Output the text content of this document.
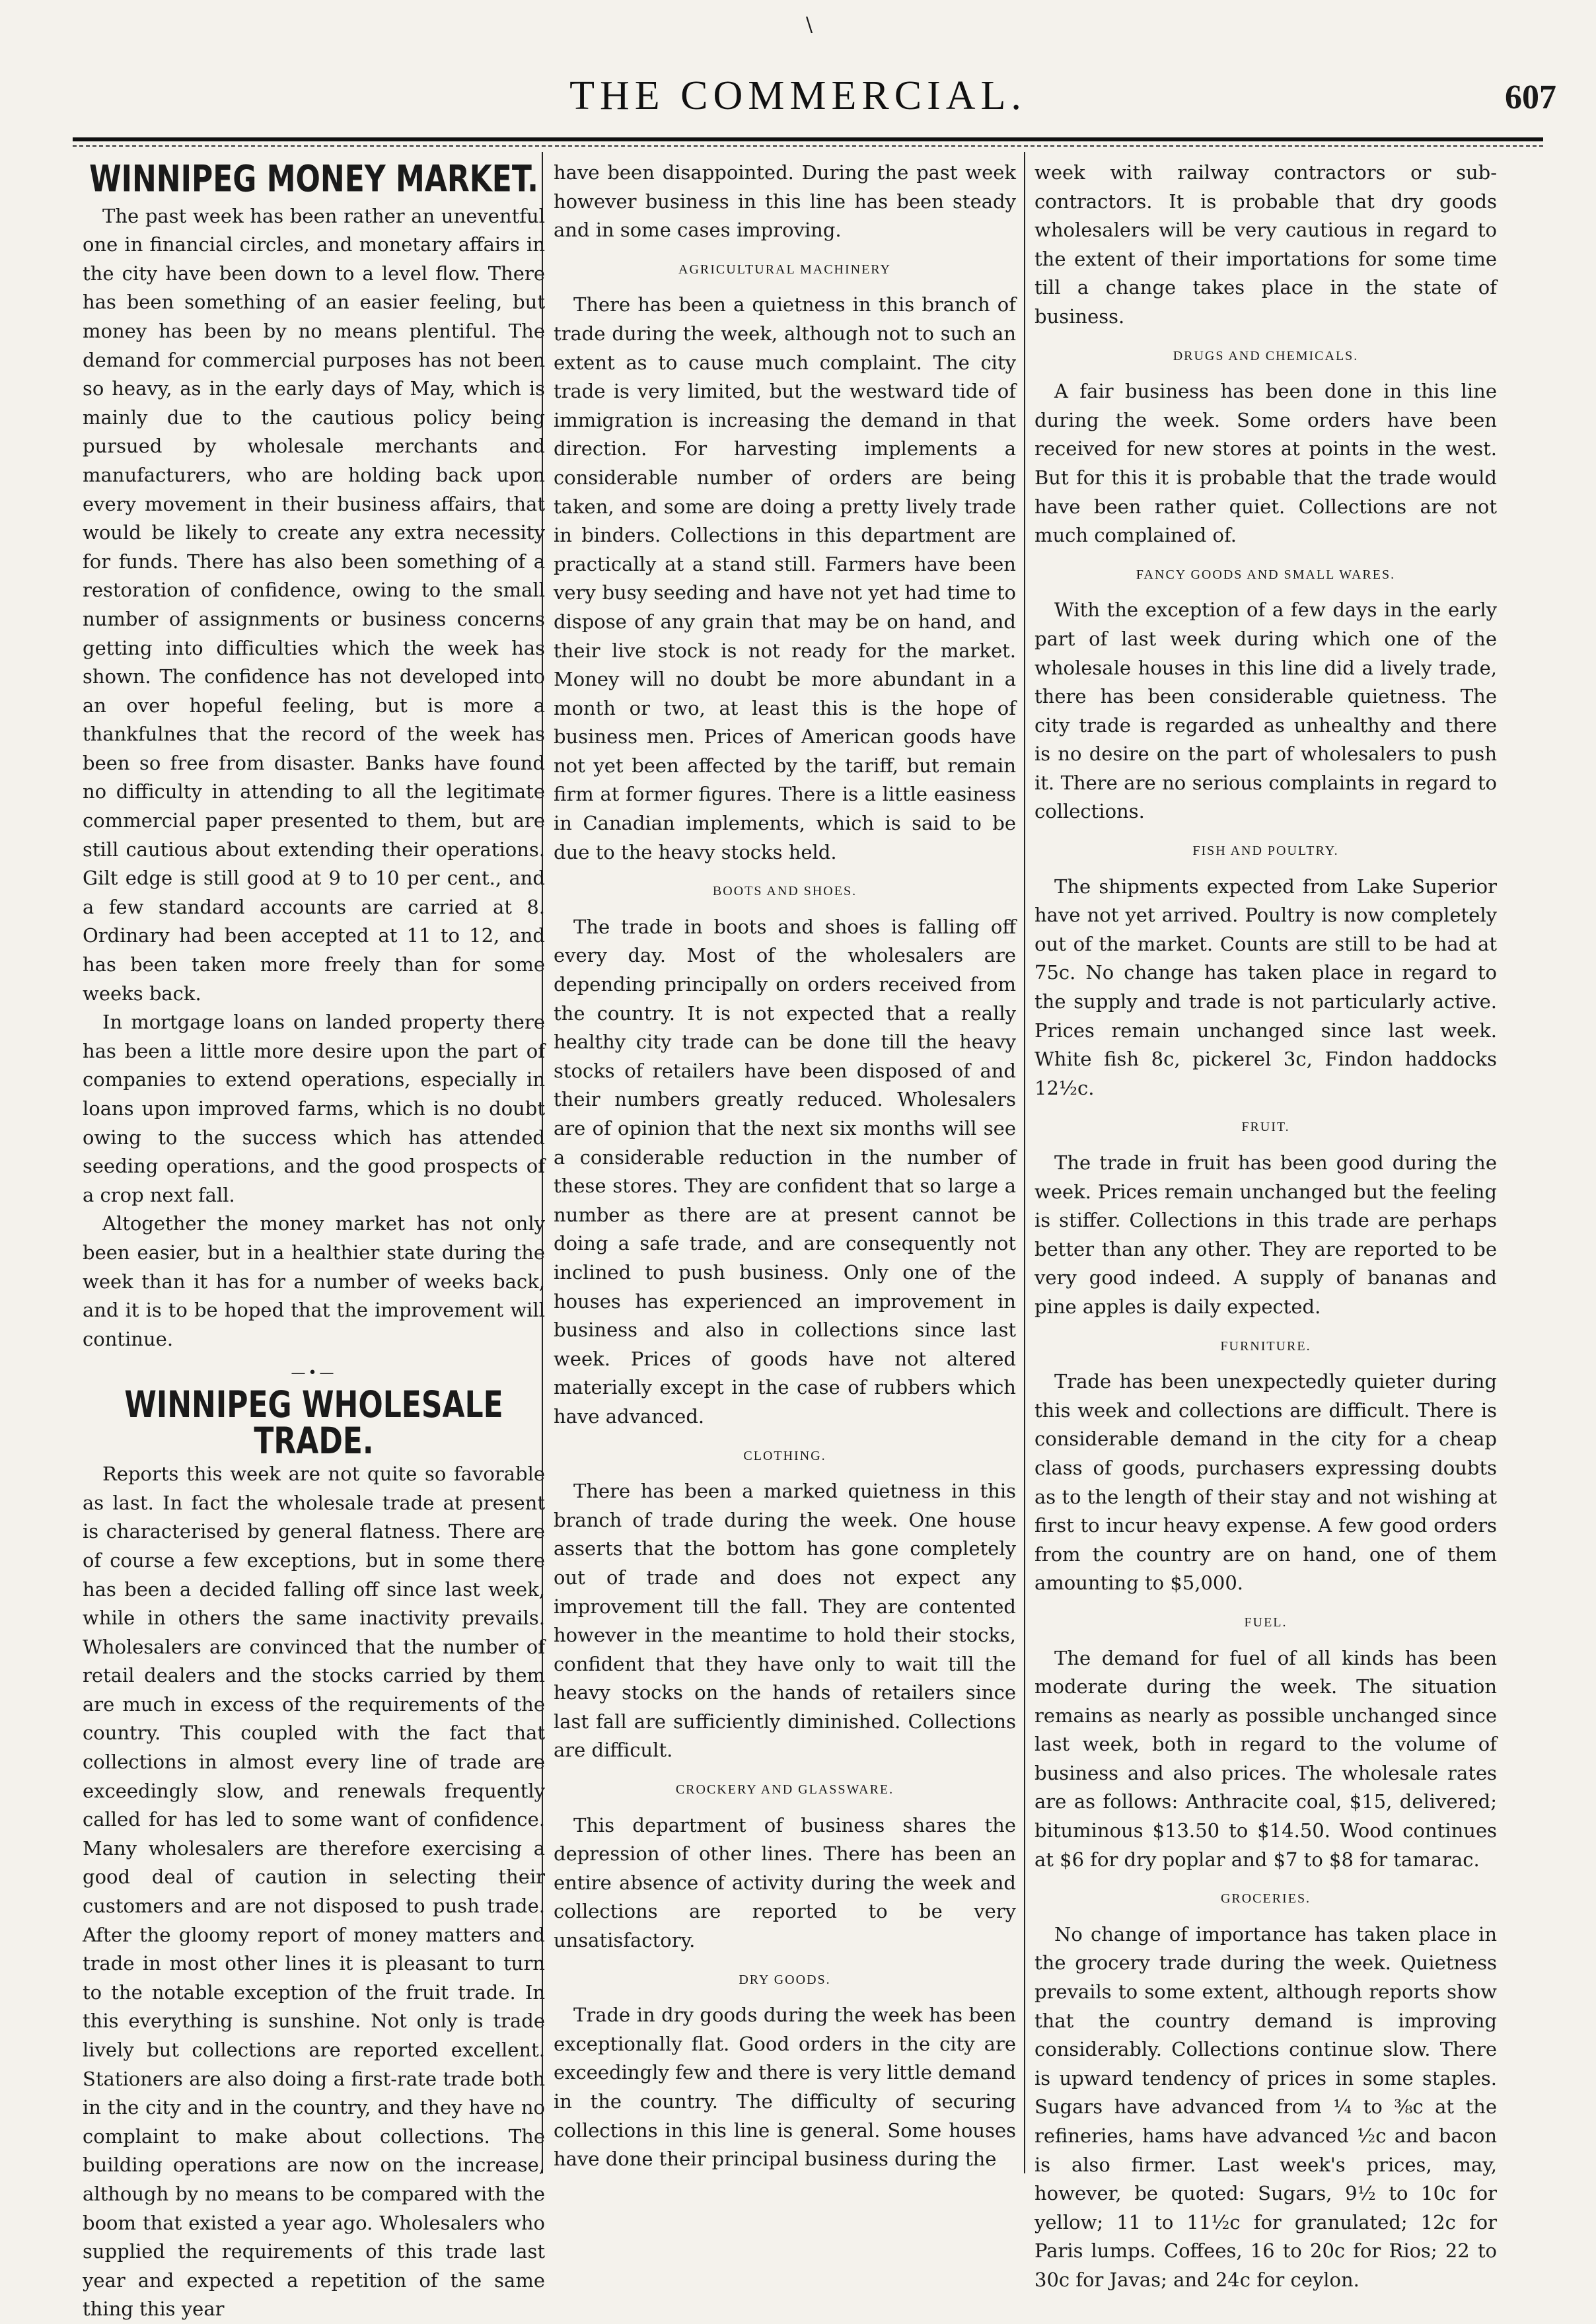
\
THE COMMERCIAL.	607
WINNIPEG MONEY MARKET.

The past week has been rather an uneventful one in financial circles, and monetary affairs in the city have been down to a level flow. There has been something of an easier feeling, but money has been by no means plentiful. The demand for commercial purposes has not been so heavy, as in the early days of May, which is mainly due to the cautious policy being pursued by wholesale merchants and manufacturers, who are holding back upon every movement in their business affairs, that would be likely to create any extra necessity for funds. There has also been something of a restoration of confidence, owing to the small number of assignments or business concerns getting into difficulties which the week has shown. The confidence has not developed into an over hopeful feeling, but is more a thankfulnes that the record of the week has been so free from disaster. Banks have found no difficulty in attending to all the legitimate commercial paper presented to them, but are still cautious about extending their operations. Gilt edge is still good at 9 to 10 per cent., and a few standard accounts are carried at 8. Ordinary had been accepted at 11 to 12, and has been taken more freely than for some weeks back.

In mortgage loans on landed property there has been a little more desire upon the part of companies to extend operations, especially in loans upon improved farms, which is no doubt owing to the success which has attended seeding operations, and the good prospects of a crop next fall.

Altogether the money market has not only been easier, but in a healthier state during the week than it has for a number of weeks back, and it is to be hoped that the improvement will continue.

—•—
WINNIPEG WHOLESALE TRADE.

Reports this week are not quite so favorable as last. In fact the wholesale trade at present is characterised by general flatness. There are of course a few exceptions, but in some there has been a decided falling off since last week, while in others the same inactivity prevails. Wholesalers are convinced that the number of retail dealers and the stocks carried by them are much in excess of the requirements of the country. This coupled with the fact that collections in almost every line of trade are exceedingly slow, and renewals frequently called for has led to some want of confidence. Many wholesalers are therefore exercising a good deal of caution in selecting their customers and are not disposed to push trade. After the gloomy report of money matters and trade in most other lines it is pleasant to turn to the notable exception of the fruit trade. In this everything is sunshine. Not only is trade lively but collections are reported excellent. Stationers are also doing a first-rate trade both in the city and in the country, and they have no complaint to make about collections. The building operations are now on the increase, although by no means to be compared with the boom that existed a year ago. Wholesalers who supplied the requirements of this trade last year and expected a repetition of the same thing this year

have been disappointed. During the past week however business in this line has been steady and in some cases improving.

AGRICULTURAL MACHINERY

There has been a quietness in this branch of trade during the week, although not to such an extent as to cause much complaint. The city trade is very limited, but the westward tide of immigration is increasing the demand in that direction. For harvesting implements a considerable number of orders are being taken, and some are doing a pretty lively trade in binders. Collections in this department are practically at a stand still. Farmers have been very busy seeding and have not yet had time to dispose of any grain that may be on hand, and their live stock is not ready for the market. Money will no doubt be more abundant in a month or two, at least this is the hope of business men. Prices of American goods have not yet been affected by the tariff, but remain firm at former figures. There is a little easiness in Canadian implements, which is said to be due to the heavy stocks held.

BOOTS AND SHOES.

The trade in boots and shoes is falling off every day. Most of the wholesalers are depending principally on orders received from the country. It is not expected that a really healthy city trade can be done till the heavy stocks of retailers have been disposed of and their numbers greatly reduced. Wholesalers are of opinion that the next six months will see a considerable reduction in the number of these stores. They are confident that so large a number as there are at present cannot be doing a safe trade, and are consequently not inclined to push business. Only one of the houses has experienced an improvement in business and also in collections since last week. Prices of goods have not altered materially except in the case of rubbers which have advanced.

CLOTHING.

There has been a marked quietness in this branch of trade during the week. One house asserts that the bottom has gone completely out of trade and does not expect any improvement till the fall. They are contented however in the meantime to hold their stocks, confident that they have only to wait till the heavy stocks on the hands of retailers since last fall are sufficiently diminished. Collections are difficult.

CROCKERY AND GLASSWARE.

This department of business shares the depression of other lines. There has been an entire absence of activity during the week and collections are reported to be very unsatisfactory.

DRY GOODS.

Trade in dry goods during the week has been exceptionally flat. Good orders in the city are exceedingly few and there is very little demand in the country. The difficulty of securing collections in this line is general. Some houses have done their principal business during the

week with railway contractors or sub-contractors. It is probable that dry goods wholesalers will be very cautious in regard to the extent of their importations for some time till a change takes place in the state of business.

DRUGS AND CHEMICALS.

A fair business has been done in this line during the week. Some orders have been received for new stores at points in the west. But for this it is probable that the trade would have been rather quiet. Collections are not much complained of.

FANCY GOODS AND SMALL WARES.

With the exception of a few days in the early part of last week during which one of the wholesale houses in this line did a lively trade, there has been considerable quietness. The city trade is regarded as unhealthy and there is no desire on the part of wholesalers to push it. There are no serious complaints in regard to collections.

FISH AND POULTRY.

The shipments expected from Lake Superior have not yet arrived. Poultry is now completely out of the market. Counts are still to be had at 75c. No change has taken place in regard to the supply and trade is not particularly active. Prices remain unchanged since last week. White fish 8c, pickerel 3c, Findon haddocks 12½c.

FRUIT.

The trade in fruit has been good during the week. Prices remain unchanged but the feeling is stiffer. Collections in this trade are perhaps better than any other. They are reported to be very good indeed. A supply of bananas and pine apples is daily expected.

FURNITURE.

Trade has been unexpectedly quieter during this week and collections are difficult. There is considerable demand in the city for a cheap class of goods, purchasers expressing doubts as to the length of their stay and not wishing at first to incur heavy expense. A few good orders from the country are on hand, one of them amounting to $5,000.

FUEL.

The demand for fuel of all kinds has been moderate during the week. The situation remains as nearly as possible unchanged since last week, both in regard to the volume of business and also prices. The wholesale rates are as follows: Anthracite coal, $15, delivered; bituminous $13.50 to $14.50. Wood continues at $6 for dry poplar and $7 to $8 for tamarac.

GROCERIES.

No change of importance has taken place in the grocery trade during the week. Quietness prevails to some extent, although reports show that the country demand is improving considerably. Collections continue slow. There is upward tendency of prices in some staples. Sugars have advanced from ¼ to ⅜c at the refineries, hams have advanced ½c and bacon is also firmer. Last week's prices, may, however, be quoted: Sugars, 9½ to 10c for yellow; 11 to 11½c for granulated; 12c for Paris lumps. Coffees, 16 to 20c for Rios; 22 to 30c for Javas; and 24c for ceylon.
